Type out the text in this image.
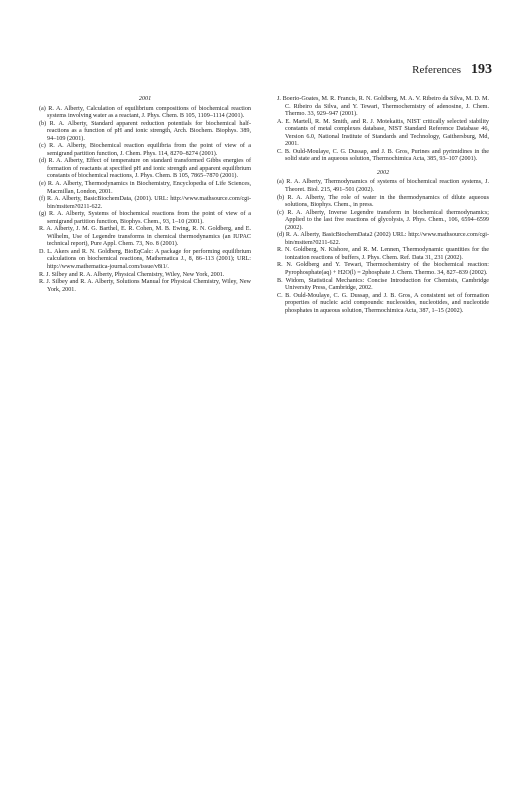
References 193

2001

(a) R. A. Alberty, Calculation of equilibrium compositions of biochemical reaction systems involving water as a reactant, J. Phys. Chem. B 105, 1109–1114 (2001).

(b) R. A. Alberty, Standard apparent reduction potentials for biochemical half-reactions as a function of pH and ionic strength, Arch. Biochem. Biophys. 389, 94–109 (2001).

(c) R. A. Alberty, Biochemical reaction equilibria from the point of view of a semigrand partition function, J. Chem. Phys. 114, 8270–8274 (2001).

(d) R. A. Alberty, Effect of temperature on standard transformed Gibbs energies of formation of reactants at specified pH and ionic strength and apparent equilibrium constants of biochemical reactions, J. Phys. Chem. B 105, 7865–7870 (2001).

(e) R. A. Alberty, Thermodynamics in Biochemistry, Encyclopedia of Life Sciences, Macmillan, London, 2001.

(f) R. A. Alberty, BasicBiochemData, (2001). URL: http://www.mathsource.com/cgi-bin/msitem?0211-622.

(g) R. A. Alberty, Systems of biochemical reactions from the point of view of a semigrand partition function, Biophys. Chem., 93, 1–10 (2001).

R. A. Alberty, J. M. G. Barthel, E. R. Cohen, M. B. Ewing, R. N. Goldberg, and E. Wilhelm, Use of Legendre transforms in chemical thermodynamics (an IUPAC technical report), Pure Appl. Chem. 73, No. 8 (2001).

D. L. Akers and R. N. Goldberg, BioEqCalc: A package for performing equilibrium calculations on biochemical reactions, Mathematica J., 8, 86–113 (2001); URL: http://www.mathematica-journal.com/issue/v8i1/.

R. J. Silbey and R. A. Alberty, Physical Chemistry, Wiley, New York, 2001.

R. J. Silbey and R. A. Alberty, Solutions Manual for Physical Chemistry, Wiley, New York, 2001.

J. Boerio-Goates, M. R. Francis, R. N. Goldberg, M. A. V. Ribeiro da Silva, M. D. M. C. Ribeiro da Silva, and Y. Tewari, Thermochemistry of adenosine, J. Chem. Thermo. 33, 929–947 (2001).

A. E. Martell, R. M. Smith, and R. J. Motekaitis, NIST critically selected stability constants of metal complexes database, NIST Standard Reference Database 46, Version 6.0, National Institute of Standards and Technology, Gaithersburg, Md, 2001.

C. B. Ould-Moulaye, C. G. Dussap, and J. B. Gros, Purines and pyrimidines in the solid state and in aqueous solution, Thermochimica Acta, 385, 93–107 (2001).

2002

(a) R. A. Alberty, Thermodynamics of systems of biochemical reaction systems, J. Theoret. Biol. 215, 491–501 (2002).

(b) R. A. Alberty, The role of water in the thermodynamics of dilute aqueous solutions, Biophys. Chem., in press.

(c) R. A. Alberty, Inverse Legendre transform in biochemical thermodynamics; Applied to the last five reactions of glycolysis, J. Phys. Chem., 106, 6594–6599 (2002).

(d) R. A. Alberty, BasicBiochemData2 (2002) URL: http://www.mathsource.com/cgi-bin/msitem?0211-622.

R. N. Goldberg, N. Kishore, and R. M. Lennen, Thermodynamic quantities for the ionization reactions of buffers, J. Phys. Chem. Ref. Data 31, 231 (2002).

R. N. Goldberg and Y. Tewari, Thermochemistry of the biochemical reaction: Pyrophosphate(aq) + H2O(l) = 2phosphate J. Chem. Thermo. 34, 827–839 (2002).

B. Widom, Statistical Mechanics: Concise Introduction for Chemists, Cambridge University Press, Cambridge, 2002.

C. B. Ould-Moulaye, C. G. Dussap, and J. B. Gros, A consistent set of formation properties of nucleic acid compounds: nucleosides, nucleotides, and nucleotide phosphates in aqueous solution, Thermochimica Acta, 387, 1–15 (2002).
